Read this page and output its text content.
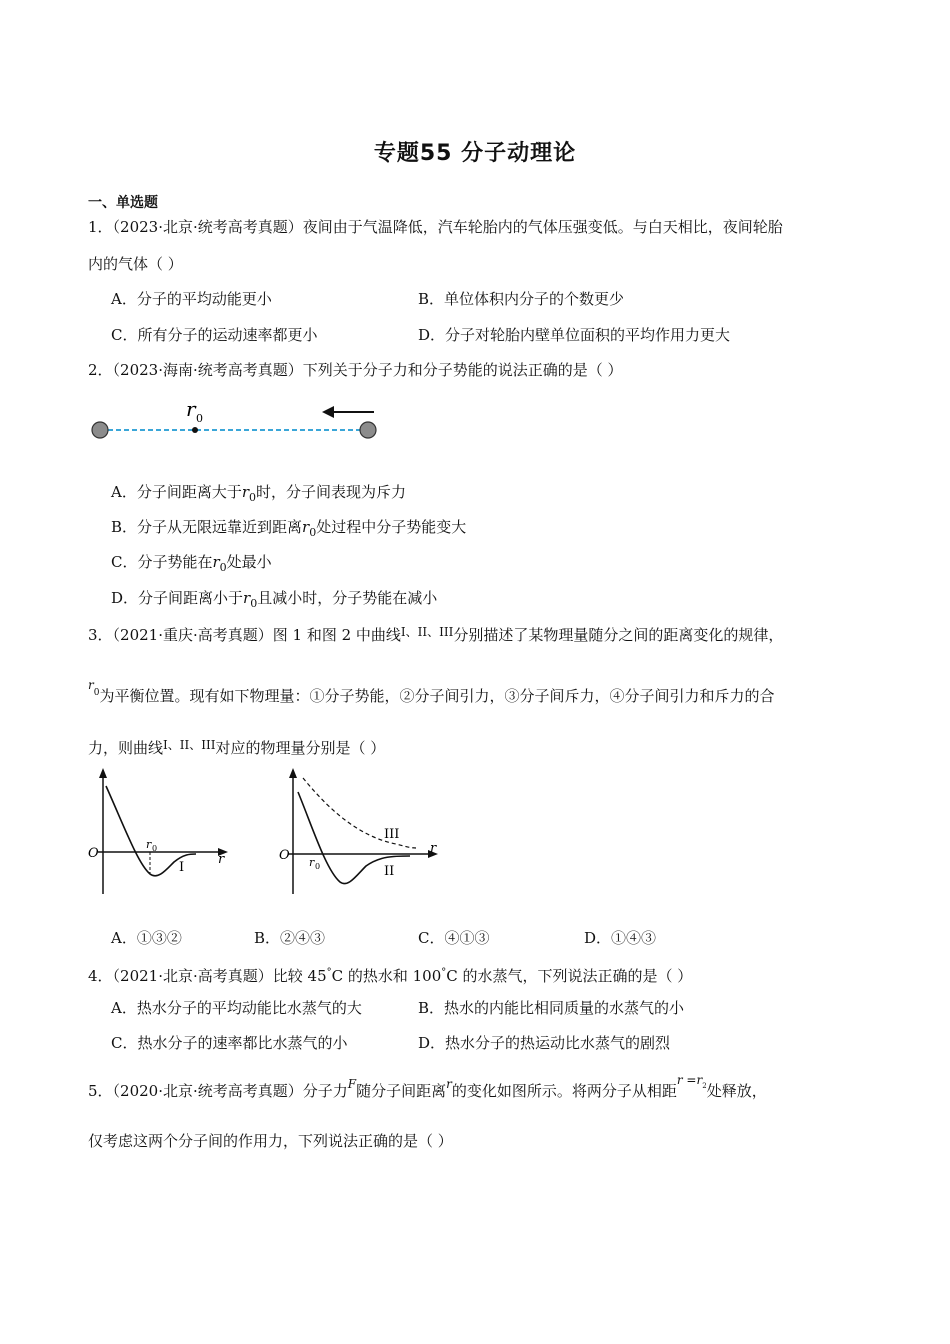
专题55 分子动理论
一、单选题
1．（2023·北京·统考高考真题）夜间由于气温降低，汽车轮胎内的气体压强变低。与白天相比，夜间轮胎
内的气体（ ）
A．分子的平均动能更小	B．单位体积内分子的个数更少
C．所有分子的运动速率都更小	D．分子对轮胎内壁单位面积的平均作用力更大
2．（2023·海南·统考高考真题）下列关于分子力和分子势能的说法正确的是（ ）
r 0
A．分子间距离大于$r_0$时，分子间表现为斥力
B．分子从无限远靠近到距离$r_0$处过程中分子势能变大
C．分子势能在$r_0$处最小
D．分子间距离小于$r_0$且减小时，分子势能在减小
3．（2021·重庆·高考真题）图 1 和图 2 中曲线$^{I、II、III}$分别描述了某物理量随分之间的距离变化的规律，
$^r_0$为平衡位置。现有如下物理量：①分子势能，②分子间引力，③分子间斥力，④分子间引力和斥力的合
力，则曲线$^{I、II、III}$对应的物理量分别是（ ）
O
r 0
I
r	O r 0	II
III
r
A．①③②	B．②④③	C．④①③	D．①④③
4．（2021·北京·高考真题）比较 45°C 的热水和 100°C 的水蒸气，下列说法正确的是（ ）
A．热水分子的平均动能比水蒸气的大	B．热水的内能比相同质量的水蒸气的小
C．热水分子的速率都比水蒸气的小	D．热水分子的热运动比水蒸气的剧烈
5．（2020·北京·统考高考真题）分子力$^F$随分子间距离$^r$的变化如图所示。将两分子从相距$^{r =r}_2$处释放，
仅考虑这两个分子间的作用力，下列说法正确的是（ ）
